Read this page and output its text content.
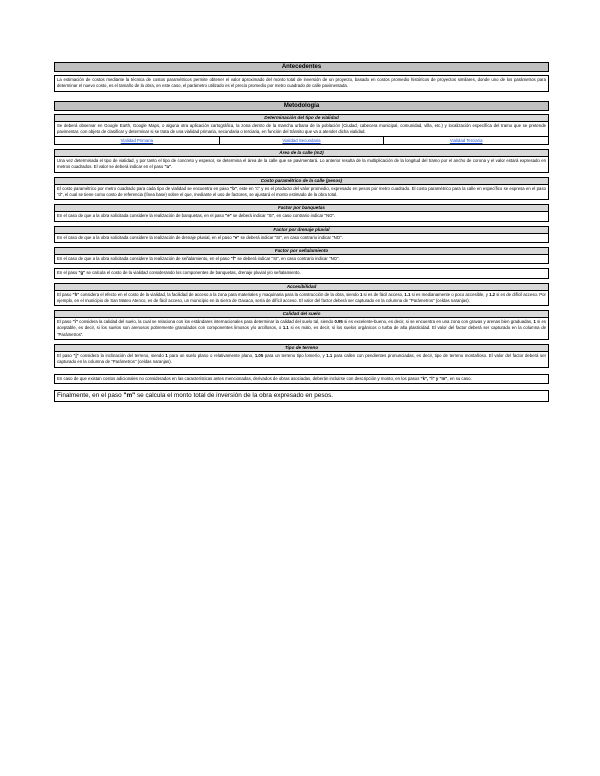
Antecedentes
La estimación de costos mediante la técnica de costos paramétricos permite obtener el valor aproximado del monto total de inversión de un proyecto, basado en costos promedio históricos de proyectos similares, donde uno de los parámetros para determinar el nuevo costo, es el tamaño de la obra, en este caso, el parámetro utilizado es el precio promedio por metro cuadrado de calle pavimentada.
Metodología
Determinación del tipo de vialidad
Se deberá observar en Google Earth, Google Maps, o alguna otra aplicación cartográfica, la zona dentro de la mancha urbana de la población (Ciudad, cabecera municipal, comunidad, villa, etc.) y localización específica del tramo que se pretende pavimentar, con objeto de clasificar y determinar si se trata de una vialidad primaria, secundaria o terciaria, en función del tránsito que va a atender dicha vialidad.
Vialidad Primaria	Vialidad Secundaria	Vialidad Terciaria
Área de la calle (m2)
Una vez determinada el tipo de vialidad, y por tanto el tipo de concreto y espesor, se determina el área de la calle que se pavimentará. Lo anterior resulta de la multiplicación de la longitud del tramo por el ancho de corona y el valor estará expresado en metros cuadrados. El valor se deberá indicar en el paso "a".
Costo paramétrico de la calle (pesos)
El costo paramétrico por metro cuadrado para cada tipo de vialidad se encuentra en paso "b", este en "c" y es el producto del valor promedio, expresado en pesos por metro cuadrado. El costo paramétrico para la calle en específico se expresa en el paso "d", el cual se tiene como costo de referencia (línea base) sobre el que, mediante el uso de factores, se ajustará el monto estimado de la obra total.
Factor por banquetas
En el caso de que a la obra solicitada considere la realización de banquetas, en el paso "e" se deberá indicar "SI", en caso contrario indicar "NO".
Factor por drenaje pluvial
En el caso de que a la obra solicitada considere la realización de drenaje pluvial, en el paso "e" se deberá indicar "SI", en caso contrario indicar "NO".
Factor por señalamiento
En el caso de que a la obra solicitada considere la realización de señalamiento, en el paso "f" se deberá indicar "SI", en caso contrario indicar "NO".
En el paso "g" se calcula el costo de la vialidad considerando los componentes de banquetas, drenaje pluvial y/o señalamiento.
Accesibilidad
El paso "h" considera el efecto en el costo de la vialidad, la facilidad de acceso a la zona para materiales y maquinaria para la construcción de la obra, siendo 1 si es de fácil acceso, 1.1 si es medianamente o poco accesible, y 1.2 si es de difícil acceso. Por ejemplo, en el municipio de San Mateo Atenco, es de fácil acceso, un municipio en la sierra de Oaxaca, sería de difícil acceso. El valor del factor deberá ser capturado en la columna de "Parámetros" (celdas naranjas).
Calidad del suelo
El paso "i" considera la calidad del suelo, la cual se relaciona con los estándares internacionales para determinar la calidad del suelo tal, siendo 0.95 si es excelente-bueno, es decir, si se encuentra en una zona con gravas y arenas bien graduadas, 1 si es aceptable, es decir, si los suelos son arenosos pobremente granulados con componentes limosos y/o arcillosos, o 1.1 si es malo, es decir, si los suelos orgánicos o turba de alta plasticidad. El valor del factor deberá ser capturado en la columna de "Parámetros".
Tipo de terreno
El paso "j" considera la inclinación del terreno, siendo 1 para un suelo plano o relativamente plano, 1.05 para un terreno tipo lomerío, y 1.1 para calles con pendientes pronunciadas, es decir, tipo de terreno montañoso. El valor del factor deberá ser capturado en la columna de "Parámetros" (celdas naranjas).
En caso de que existan costos adicionales no considerados en las características antes mencionadas, derivados de obras asociadas, deberán incluirse con descripción y monto, en los pasos "k", "l" y "m", en su caso.
Finalmente, en el paso "m" se calcula el monto total de inversión de la obra expresado en pesos.
